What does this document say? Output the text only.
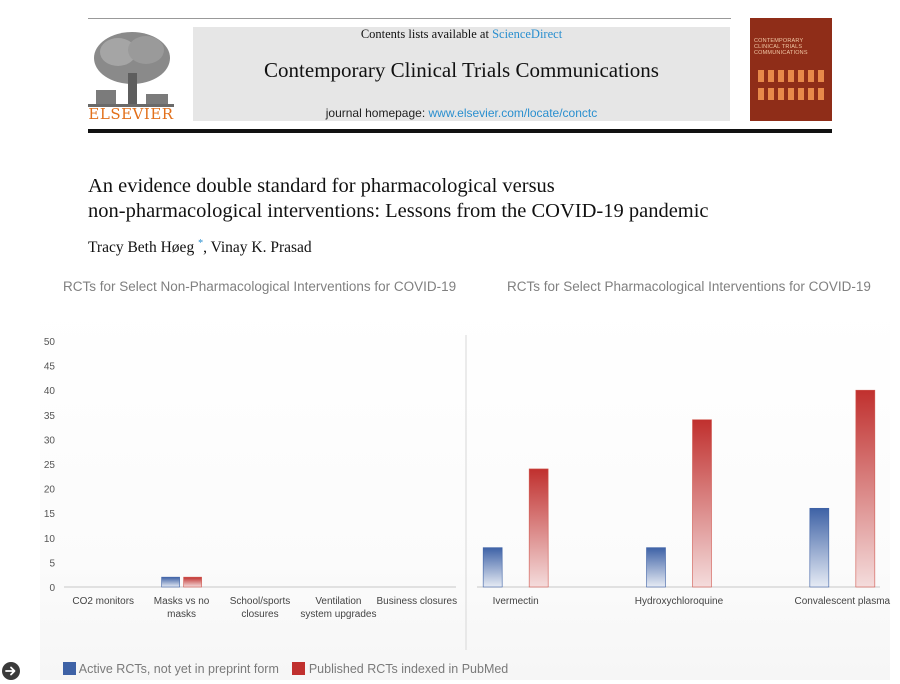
ELSEVIER
Contents lists available at ScienceDirect
Contemporary Clinical Trials Communications
journal homepage: www.elsevier.com/locate/conctc
CONTEMPORARY CLINICAL TRIALS COMMUNICATIONS
An evidence double standard for pharmacological versus
non-pharmacological interventions: Lessons from the COVID-19 pandemic
Tracy Beth Høeg *, Vinay K. Prasad
RCTs for Select Non-Pharmacological Interventions for COVID-19	RCTs for Select Pharmacological Interventions for COVID-19
0
5
10
15
20
25
30
35
40
45
50
CO2 monitors Masks vs no
masks
School/sports
closures
Ventilation
system upgrades
Business closures	Ivermectin	Hydroxychloroquine	Convalescent plasma
Active RCTs, not yet in preprint form Published RCTs indexed in PubMed
